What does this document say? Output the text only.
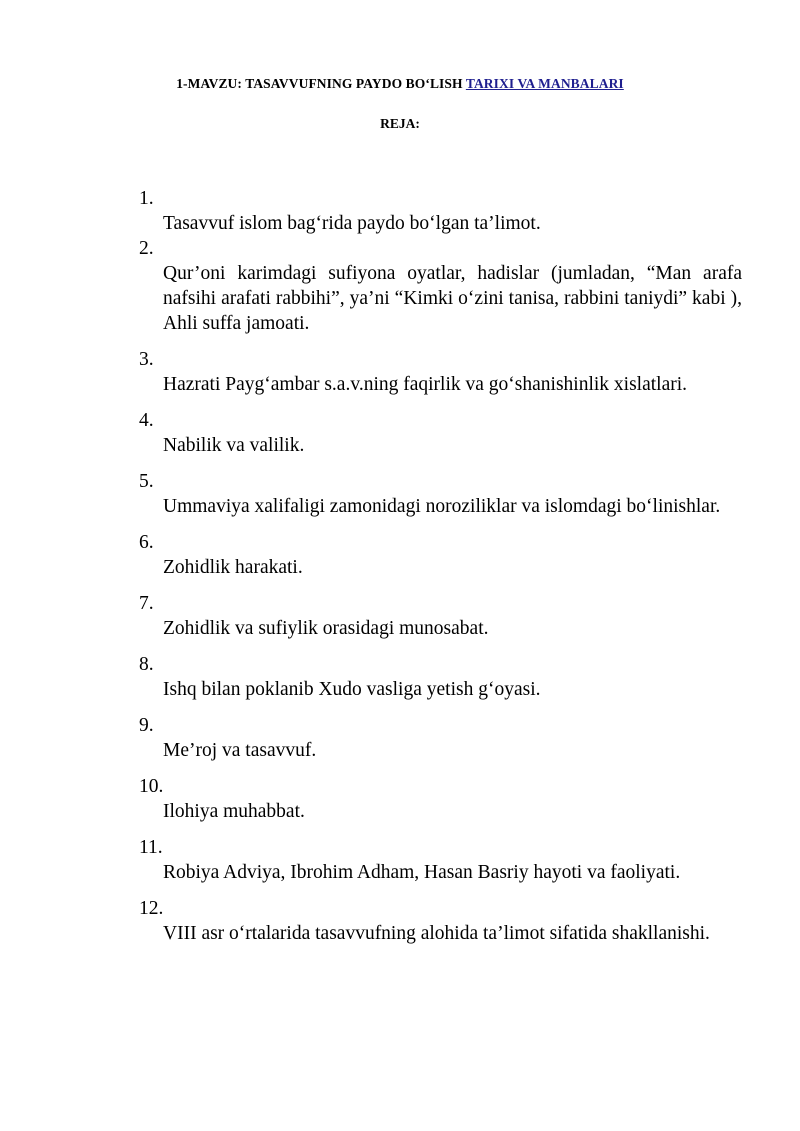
1-MAVZU: TASAVVUFNING PAYDO BO‘LISH TARIXI VA MANBALARI
REJA:
1.
Tasavvuf islom bag‘rida paydo bo‘lgan ta’limot.
2.
Qur’oni karimdagi sufiyona oyatlar, hadislar (jumladan, “Man arafa nafsihi arafati rabbihi”, ya’ni “Kimki o‘zini tanisa, rabbini taniydi” kabi ), Ahli suffa jamoati.
3.
Hazrati Payg‘ambar s.a.v.ning faqirlik va go‘shanishinlik xislatlari.
4.
Nabilik va valilik.
5.
Ummaviya xalifaligi zamonidagi noroziliklar va islomdagi bo‘linishlar.
6.
Zohidlik harakati.
7.
Zohidlik va sufiylik orasidagi munosabat.
8.
Ishq bilan poklanib Xudo vasliga yetish g‘oyasi.
9.
Me’roj va tasavvuf.
10.
Ilohiya muhabbat.
11.
Robiya Adviya, Ibrohim Adham, Hasan Basriy hayoti va faoliyati.
12.
VIII asr o‘rtalarida tasavvufning alohida ta’limot sifatida shakllanishi.
